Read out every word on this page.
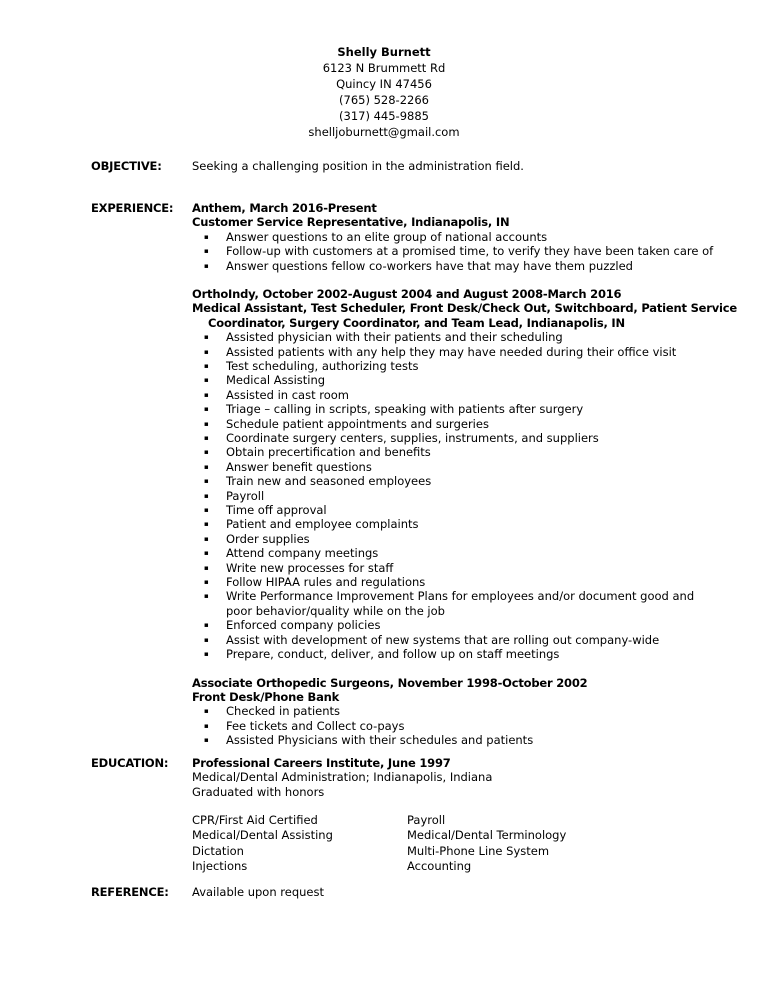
Shelly Burnett
6123 N Brummett Rd
Quincy IN 47456
(765) 528-2266
(317) 445-9885
shelljoburnett@gmail.com
OBJECTIVE:	Seeking a challenging position in the administration field.
EXPERIENCE: Anthem, March 2016-Present
Customer Service Representative, Indianapolis, IN
▪ Answer questions to an elite group of national accounts
▪ Follow-up with customers at a promised time, to verify they have been taken care of
▪ Answer questions fellow co-workers have that may have them puzzled
OrthoIndy, October 2002-August 2004 and August 2008-March 2016
Medical Assistant, Test Scheduler, Front Desk/Check Out, Switchboard, Patient Service
Coordinator, Surgery Coordinator, and Team Lead, Indianapolis, IN
▪ Assisted physician with their patients and their scheduling
▪ Assisted patients with any help they may have needed during their office visit
▪ Test scheduling, authorizing tests
▪ Medical Assisting
▪ Assisted in cast room
▪ Triage – calling in scripts, speaking with patients after surgery
▪ Schedule patient appointments and surgeries
▪ Coordinate surgery centers, supplies, instruments, and suppliers
▪ Obtain precertification and benefits
▪ Answer benefit questions
▪ Train new and seasoned employees
▪ Payroll
▪ Time off approval
▪ Patient and employee complaints
▪ Order supplies
▪ Attend company meetings
▪ Write new processes for staff
▪ Follow HIPAA rules and regulations
▪ Write Performance Improvement Plans for employees and/or document good and poor behavior/quality while on the job
▪ Enforced company policies
▪ Assist with development of new systems that are rolling out company-wide
▪ Prepare, conduct, deliver, and follow up on staff meetings
Associate Orthopedic Surgeons, November 1998-October 2002
Front Desk/Phone Bank
▪ Checked in patients
▪ Fee tickets and Collect co-pays
▪ Assisted Physicians with their schedules and patients
EDUCATION: Professional Careers Institute, June 1997
Medical/Dental Administration; Indianapolis, Indiana
Graduated with honors
CPR/First Aid Certified	Payroll
Medical/Dental Assisting	Medical/Dental Terminology
Dictation	Multi-Phone Line System
Injections	Accounting
REFERENCE: Available upon request
